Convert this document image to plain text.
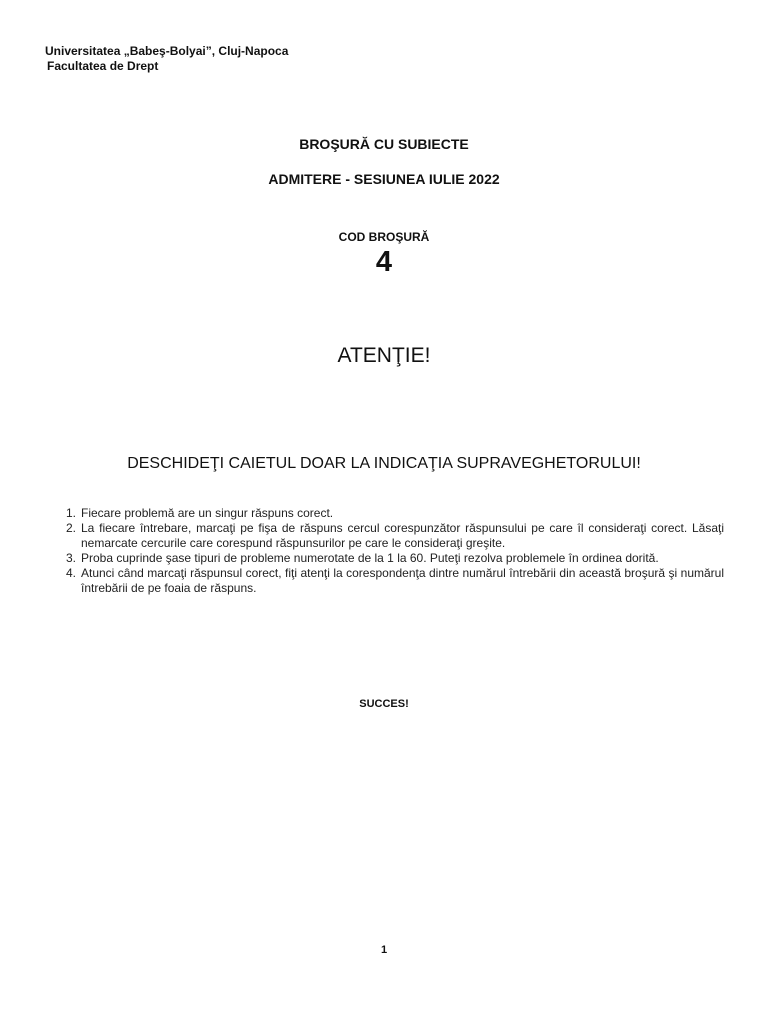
Universitatea „Babeş-Bolyai”, Cluj-Napoca
Facultatea de Drept
BROŞURĂ CU SUBIECTE
ADMITERE - SESIUNEA IULIE 2022
COD BROŞURĂ
4
ATENŢIE!
DESCHIDEŢI CAIETUL DOAR LA INDICAŢIA SUPRAVEGHETORULUI!
1. Fiecare problemă are un singur răspuns corect.
2. La fiecare întrebare, marcaţi pe fişa de răspuns cercul corespunzător răspunsului pe care îl consideraţi corect. Lăsaţi nemarcate cercurile care corespund răspunsurilor pe care le consideraţi greşite.
3. Proba cuprinde şase tipuri de probleme numerotate de la 1 la 60. Puteţi rezolva problemele în ordinea dorită.
4. Atunci când marcaţi răspunsul corect, fiţi atenţi la corespondenţa dintre numărul întrebării din această broşură şi numărul întrebării de pe foaia de răspuns.
SUCCES!
1
